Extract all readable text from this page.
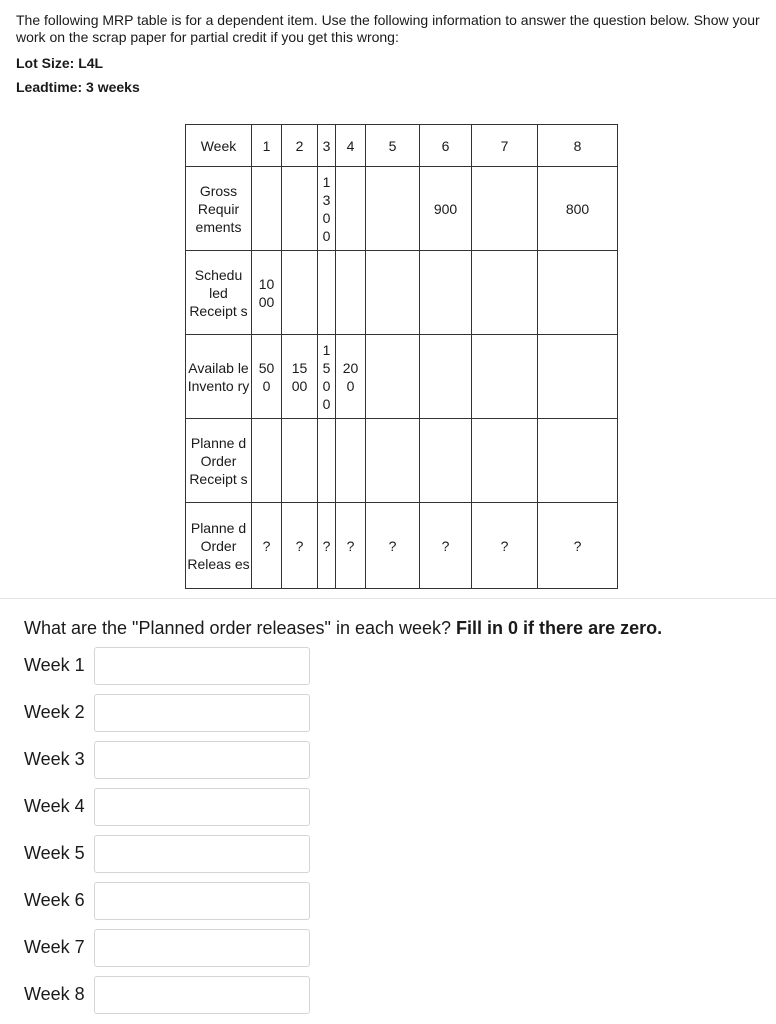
The following MRP table is for a dependent item. Use the following information to answer the question below. Show your work on the scrap paper for partial credit if you get this wrong:

Lot Size: L4L
Leadtime: 3 weeks
Week	1	2	3	4	5	6	7	8
Gross Requir ements			1300			900		800
Schedu led Receipt s	1000							
Availab le Invento ry	500	1500	1500	200				
Planne d Order Receipt s								
Planne d Order Releas es	?	?	?	?	?	?	?	?
What are the "Planned order releases" in each week? Fill in 0 if there are zero.
Week 1
Week 2
Week 3
Week 4
Week 5
Week 6
Week 7
Week 8
